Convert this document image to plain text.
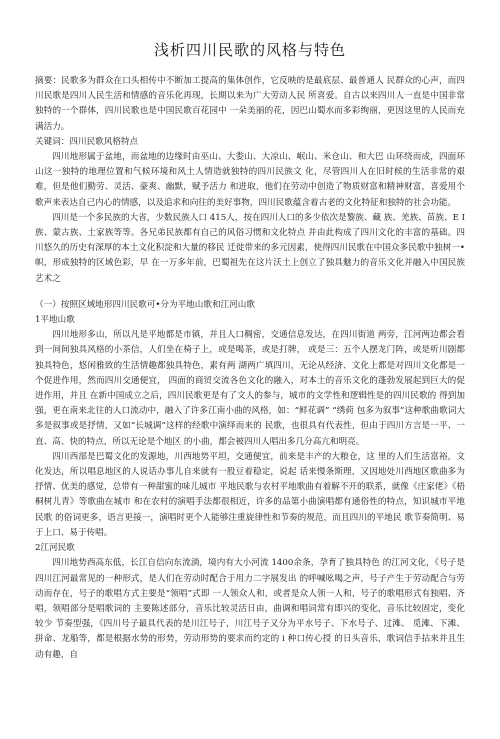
浅析四川民歌的风格与特色

摘要：民歌多为群众在口头相传中不断加工提高的集体创作，它反映的是最底层、最普通人 民群众的心声，而四川民歌是四川人民生活和情感的音乐化再现，长期以来为广大劳动人民 所喜爱。自古以来四川人一直是中国非常独特的一个群体，四川民歌也是中国民歌百花园中 一朵美丽的花，因巴山蜀水而多彩绚丽，更因这里的人民而充满活力。

关键词：四川民歌风格特点

四川地形属于盆地，而盆地的边缘时由巫山、大娄山、大凉山、岷山、米仓山、和大巴 山环绕而成，四面环山这一独特的地理位置和气候环境和风土人情造就独特的四川民族文 化，尽管四川人在旧时候的生活非常的艰难，但是他们勤劳、灵活、豪爽、幽默，赋予活力 和进取，他们在劳动中创造了物质财富和精神财富，喜爱用个歌声来表达自己内心的情感，以及追求和向往的美好事物，四川民歌蕴含着古老的文化特征和独特的社会功能。

四川是一个多民族的大省，少数民族人口 415人，按在四川人口的多少依次是黎族、藏 族、羌族、苗族、E I族、蒙古族、土家族等等。各兄弟民族都有自己的风俗习惯和文化特点 并由此构成了四川文化的丰富的基础。四川悠久的历史有深厚的本土文化积淀和大量的移民 迁徙带来的多元因素，使得四川民歌在中国众多民歌中独树一•帜，形成独特的区域色彩，早 在一万多年前，巴蜀祖先在这片沃土上创立了独具魅力的音乐文化并融入中国民族艺术之

（一）按照区域地形四川民歌可•分为平地山歌和江河山歌

1平地山歌

四川地形多山，所以凡是平地都是市镇，并且人口稠密，交通信息发达，在四川街道 两旁，江河两边都会看到一间间独具风格的小茶信，人们坐在椅子上，或是喝茶，或是打牌， 或是三：五个人摆龙门阵，或是听川剧都独具特色，悠闲雅致的生活情趣都独具特色，素有两 湖两广填四川，无论从经济、文化上都是对四川文化都是一个促进作用，然而四川交通便宜， 四面的商贸交流各色文化的融入，对本土的音乐文化的蓬勃发展起到巨大的促进作用，并且 在新中国成立之后，四川民歌更是有了文人的参与，城市的文学性和逻辑性是的四川民歌的 得到加强，更在南来北往的人口流动中，融入了许多江南小曲的风格，如：“鲜花调” “绣荷 包多为叙事”这种歌曲歌词大多是叙事或是抒情，又如“长城调”这样的经歌中演绎而来的 民歌，也很具有代表性，但由于四川方言是一平、一直、高、快的特点，所以无论是个地区 的小曲，都会被四川人唱出多几分高亢和明亮。

四川西部是巴蜀文化的发源地，川西地势平坦，交通便宜，前来是丰产的大粮仓，这 里的人们生活富裕，文化发达，所以唱息地区的人说话办事儿自来就有一股豆着稳定，说起 话来慢条斯理，又因地处川西地区歌曲多为抒情、优美的感觉，总带有一种甜蜜的味儿城市 平地民歌与农村平地歌曲有着解不开的联系，就像《庄家佬》《梧桐树儿青》等歌曲在城市 和在农村的演唱手法都很相近，许多的品第小曲演唱都有通俗性的特点，知识城市平地民歌 的俗词更多，语言更接一，演唱时更个人能够注重旋律性和节奏的规范，而且四川的平地民 歌节奏简明、易于上口、易于传唱。

2江河民歌

四川地势西高东低，长江自信向东流淌，境内有大小河流 1400余条，孕育了独具特色 的江河文化，《号子是四川江河最常见的一种形式，是人们在劳动时配合于用力二字展发出 的呼喊吆喝之声，号子产生于劳动配合与劳动而存在，号子的歌唱方式主要是“领唱”式即 一人领众人和，或者是众人领一人和，号子的歌唱形式有独唱、齐唱，领唱部分是唱歌词的 主要陈述部分，音乐比较灵活日由，曲调和唱词常有即兴的变化，音乐比较固定，变化较少 节奏型强，《四川号子最具代表的是川江号子，川江号子又分为平水号子、下水号子、过滩、 觅滩、下滩、拼命、龙船等，都是根据水势的形势，劳动形势的要求而约定的 i 种口传心授 的日头音乐，歌词信手拈来并且生动有趣，自
